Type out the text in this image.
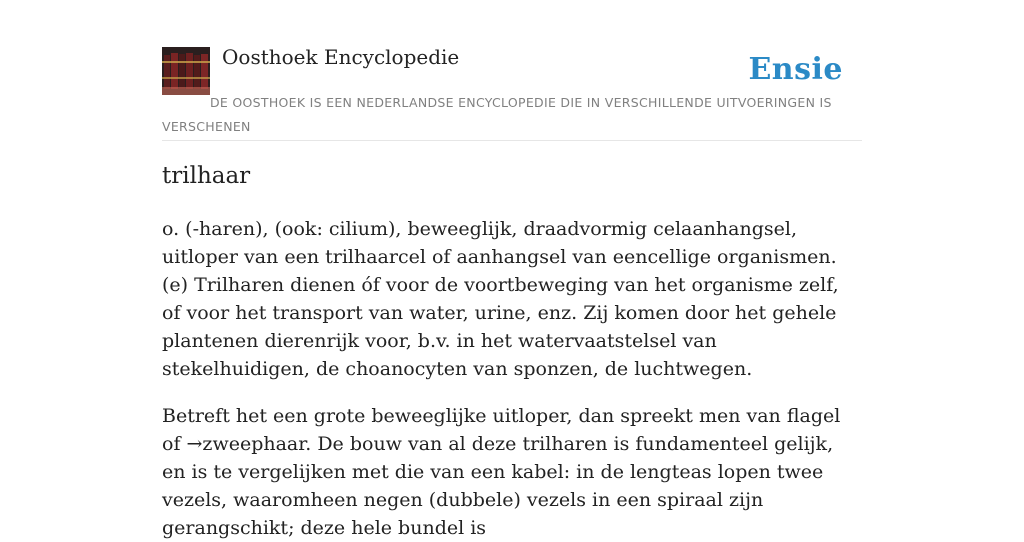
Oosthoek Encyclopedie	Ensie
DE OOSTHOEK IS EEN NEDERLANDSE ENCYCLOPEDIE DIE IN VERSCHILLENDE UITVOERINGEN IS VERSCHENEN
trilhaar

o. (-haren), (ook: cilium), beweeglijk, draadvormig celaanhangsel, uitloper van een trilhaarcel of aanhangsel van eencellige organismen. (e) Trilharen dienen óf voor de voortbeweging van het organisme zelf, of voor het transport van water, urine, enz. Zij komen door het gehele plantenen dierenrijk voor, b.v. in het watervaatstelsel van stekelhuidigen, de choanocyten van sponzen, de luchtwegen.

Betreft het een grote beweeglijke uitloper, dan spreekt men van flagel of →zweephaar. De bouw van al deze trilharen is fundamenteel gelijk, en is te vergelijken met die van een kabel: in de lengteas lopen twee vezels, waaromheen negen (dubbele) vezels in een spiraal zijn gerangschikt; deze hele bundel is
